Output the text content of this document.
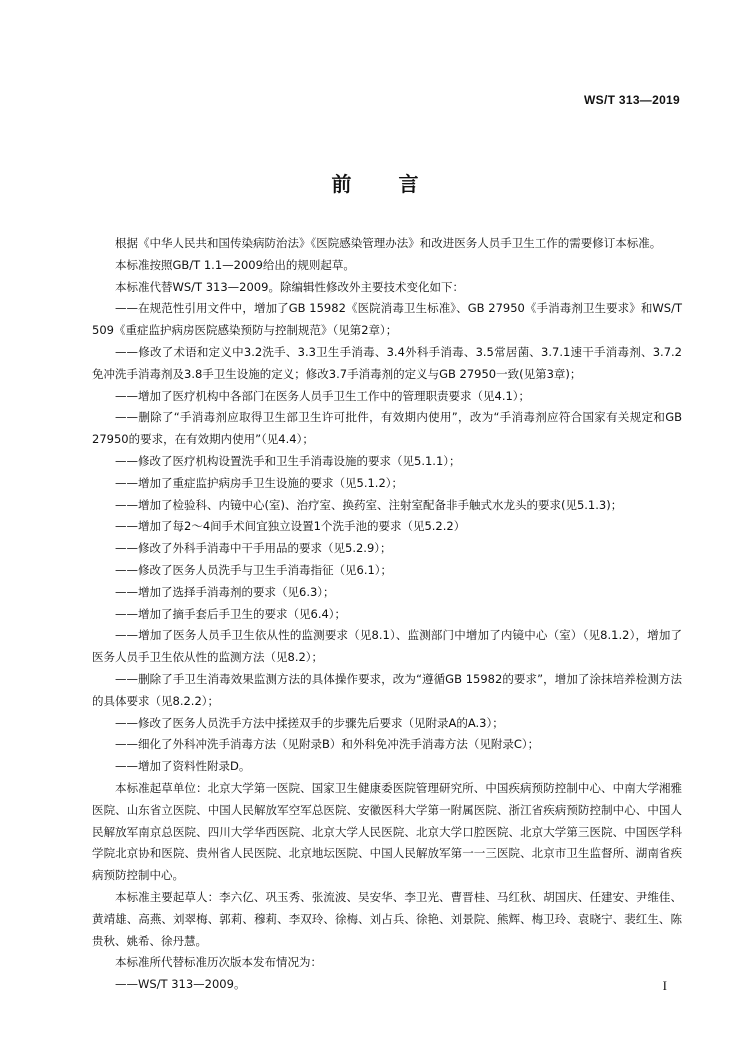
WS/T 313—2019
前 言

根据《中华人民共和国传染病防治法》《医院感染管理办法》和改进医务人员手卫生工作的需要修订本标准。

本标准按照GB/T 1.1—2009给出的规则起草。

本标准代替WS/T 313—2009。除编辑性修改外主要技术变化如下：

——在规范性引用文件中，增加了GB 15982《医院消毒卫生标准》、GB 27950《手消毒剂卫生要求》和WS/T 509《重症监护病房医院感染预防与控制规范》（见第2章）；

——修改了术语和定义中3.2洗手、3.3卫生手消毒、3.4外科手消毒、3.5常居菌、3.7.1速干手消毒剂、3.7.2免冲洗手消毒剂及3.8手卫生设施的定义；修改3.7手消毒剂的定义与GB 27950一致(见第3章)；

——增加了医疗机构中各部门在医务人员手卫生工作中的管理职责要求（见4.1）；

——删除了“手消毒剂应取得卫生部卫生许可批件，有效期内使用”，改为“手消毒剂应符合国家有关规定和GB 27950的要求，在有效期内使用”（见4.4）；

——修改了医疗机构设置洗手和卫生手消毒设施的要求（见5.1.1）；

——增加了重症监护病房手卫生设施的要求（见5.1.2）；

——增加了检验科、内镜中心(室)、治疗室、换药室、注射室配备非手触式水龙头的要求(见5.1.3)；

——增加了每2～4间手术间宜独立设置1个洗手池的要求（见5.2.2）

——修改了外科手消毒中干手用品的要求（见5.2.9）；

——修改了医务人员洗手与卫生手消毒指征（见6.1）；

——增加了选择手消毒剂的要求（见6.3）；

——增加了摘手套后手卫生的要求（见6.4）；

——增加了医务人员手卫生依从性的监测要求（见8.1）、监测部门中增加了内镜中心（室）（见8.1.2），增加了医务人员手卫生依从性的监测方法（见8.2）；

——删除了手卫生消毒效果监测方法的具体操作要求，改为“遵循GB 15982的要求”，增加了涂抹培养检测方法的具体要求（见8.2.2）；

——修改了医务人员洗手方法中揉搓双手的步骤先后要求（见附录A的A.3）；

——细化了外科冲洗手消毒方法（见附录B）和外科免冲洗手消毒方法（见附录C）；

——增加了资料性附录D。

本标准起草单位：北京大学第一医院、国家卫生健康委医院管理研究所、中国疾病预防控制中心、中南大学湘雅医院、山东省立医院、中国人民解放军空军总医院、安徽医科大学第一附属医院、浙江省疾病预防控制中心、中国人民解放军南京总医院、四川大学华西医院、北京大学人民医院、北京大学口腔医院、北京大学第三医院、中国医学科学院北京协和医院、贵州省人民医院、北京地坛医院、中国人民解放军第一一三医院、北京市卫生监督所、湖南省疾病预防控制中心。

本标准主要起草人：李六亿、巩玉秀、张流波、吴安华、李卫光、曹晋桂、马红秋、胡国庆、任建安、尹维佳、黄靖雄、高燕、刘翠梅、郭莉、穆莉、李双玲、徐梅、刘占兵、徐艳、刘景院、熊辉、梅卫玲、袁晓宁、裴红生、陈贵秋、姚希、徐丹慧。

本标准所代替标准历次版本发布情况为：

——WS/T 313—2009。	I
